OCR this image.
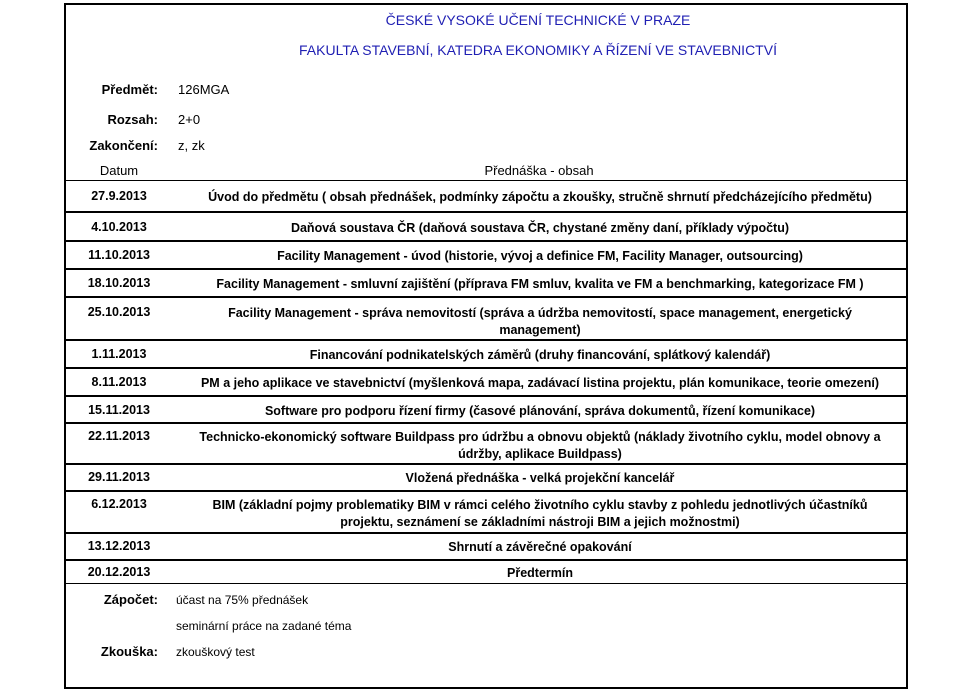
ČESKÉ VYSOKÉ UČENÍ TECHNICKÉ V PRAZE
FAKULTA STAVEBNÍ, KATEDRA EKONOMIKY A ŘÍZENÍ VE STAVEBNICTVÍ
Předmět: 126MGA
Rozsah: 2+0
Zakončení: z, zk
Datum	Přednáška - obsah
27.9.2013	Úvod do předmětu ( obsah přednášek, podmínky zápočtu a zkoušky, stručně shrnutí předcházejícího předmětu)
4.10.2013	Daňová soustava ČR (daňová soustava ČR, chystané změny daní, příklady výpočtu)
11.10.2013	Facility Management - úvod (historie, vývoj a definice FM, Facility Manager, outsourcing)
18.10.2013	Facility Management - smluvní zajištění (příprava FM smluv, kvalita ve FM a benchmarking, kategorizace FM )
25.10.2013	Facility Management - správa nemovitostí (správa a údržba nemovitostí, space management, energetický management)
1.11.2013	Financování podnikatelských záměrů (druhy financování, splátkový kalendář)
8.11.2013	PM a jeho aplikace ve stavebnictví (myšlenková mapa, zadávací listina projektu, plán komunikace, teorie omezení)
15.11.2013	Software pro podporu řízení firmy (časové plánování, správa dokumentů, řízení komunikace)
22.11.2013	Technicko-ekonomický software Buildpass pro údržbu a obnovu objektů (náklady životního cyklu, model obnovy a údržby, aplikace Buildpass)
29.11.2013	Vložená přednáška - velká projekční kancelář
6.12.2013	BIM (základní pojmy problematiky BIM v rámci celého životního cyklu stavby z pohledu jednotlivých účastníků projektu, seznámení se základními nástroji BIM a jejich možnostmi)
13.12.2013	Shrnutí a závěrečné opakování
20.12.2013	Předtermín
Zápočet: účast na 75% přednášek
seminární práce na zadané téma
Zkouška: zkouškový test
